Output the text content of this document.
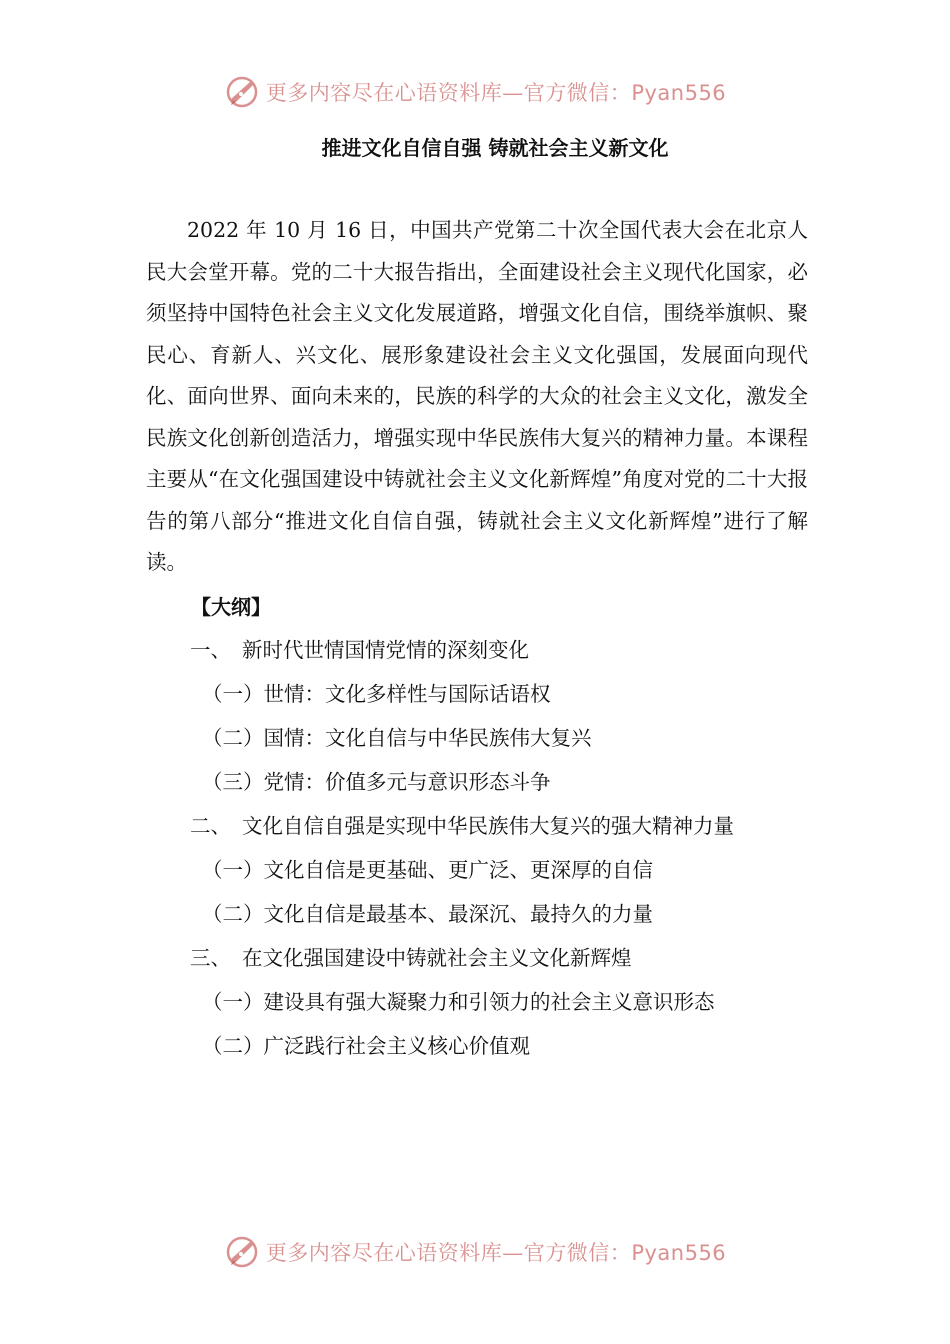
更多内容尽在心语资料库—官方微信：Pyan556
推进文化自信自强 铸就社会主义新文化

2022 年 10 月 16 日，中国共产党第二十次全国代表大会在北京人民大会堂开幕。党的二十大报告指出，全面建设社会主义现代化国家，必须坚持中国特色社会主义文化发展道路，增强文化自信，围绕举旗帜、聚民心、育新人、兴文化、展形象建设社会主义文化强国，发展面向现代化、面向世界、面向未来的，民族的科学的大众的社会主义文化，激发全民族文化创新创造活力，增强实现中华民族伟大复兴的精神力量。本课程主要从“在文化强国建设中铸就社会主义文化新辉煌”角度对党的二十大报告的第八部分“推进文化自信自强，铸就社会主义文化新辉煌”进行了解读。

【大纲】
一、 新时代世情国情党情的深刻变化
（一）世情：文化多样性与国际话语权
（二）国情：文化自信与中华民族伟大复兴
（三）党情：价值多元与意识形态斗争
二、 文化自信自强是实现中华民族伟大复兴的强大精神力量
（一）文化自信是更基础、更广泛、更深厚的自信
（二）文化自信是最基本、最深沉、最持久的力量
三、 在文化强国建设中铸就社会主义文化新辉煌
（一）建设具有强大凝聚力和引领力的社会主义意识形态
（二）广泛践行社会主义核心价值观
更多内容尽在心语资料库—官方微信：Pyan556
